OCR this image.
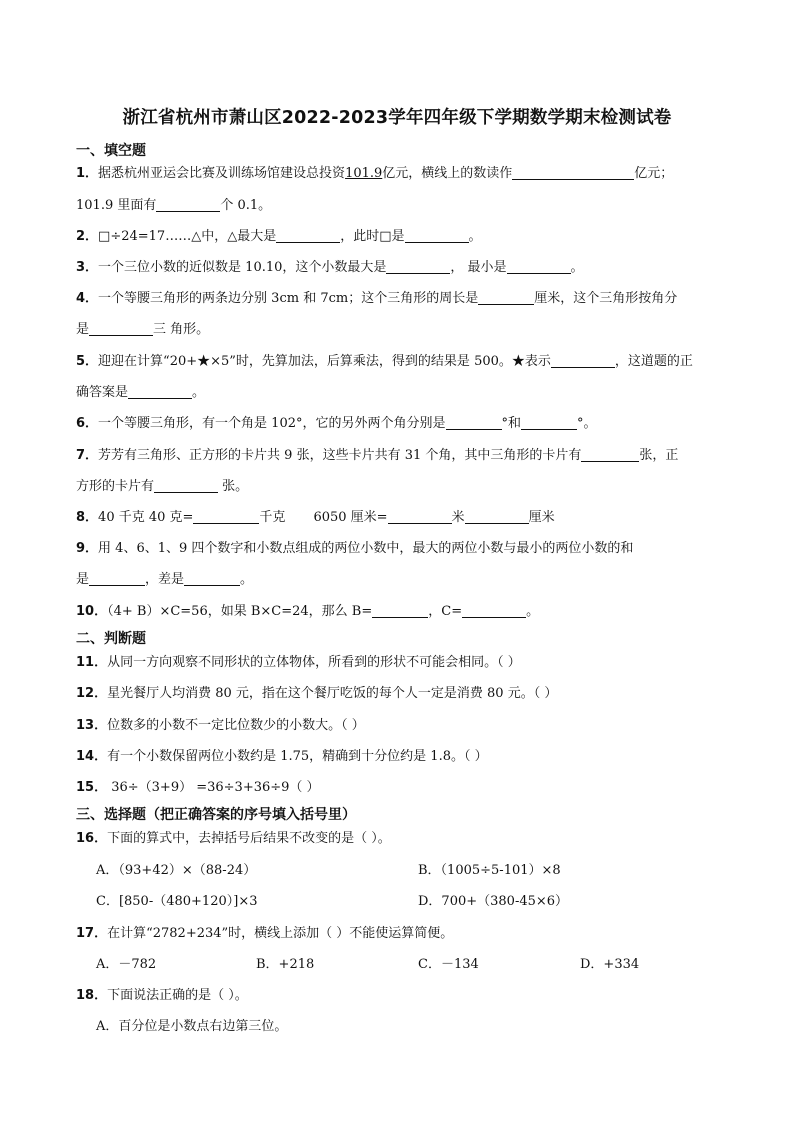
浙江省杭州市萧山区2022-2023学年四年级下学期数学期末检测试卷
一、填空题
1．据悉杭州亚运会比赛及训练场馆建设总投资101.9亿元，横线上的数读作	亿元；
101.9 里面有	个 0.1。
2．□÷24=17……△中，△最大是	，此时□是	。
3．一个三位小数的近似数是 10.10，这个小数最大是	， 最小是	。
4．一个等腰三角形的两条边分别 3cm 和 7cm；这个三角形的周长是	厘米，这个三角形按角分
是	三 角形。
5．迎迎在计算“20+★×5”时，先算加法，后算乘法，得到的结果是 500。★表示	，这道题的正
确答案是	。
6．一个等腰三角形，有一个角是 102°，它的另外两个角分别是	°和	°。
7．芳芳有三角形、正方形的卡片共 9 张，这些卡片共有 31 个角，其中三角形的卡片有	张，正
方形的卡片有	张。
8．40 千克 40 克=	千克 6050 厘米=	米	厘米
9．用 4、6、1、9 四个数字和小数点组成的两位小数中，最大的两位小数与最小的两位小数的和
是	，差是	。
10．（4+ B）×C=56，如果 B×C=24，那么 B=	，C=	。
二、判断题
11．从同一方向观察不同形状的立体物体，所看到的形状不可能会相同。（ ）
12．星光餐厅人均消费 80 元，指在这个餐厅吃饭的每个人一定是消费 80 元。（ ）
13．位数多的小数不一定比位数少的小数大。（ ）
14．有一个小数保留两位小数约是 1.75，精确到十分位约是 1.8。（ ）
15． 36÷（3+9） =36÷3+36÷9（ ）
三、选择题（把正确答案的序号填入括号里）
16．下面的算式中，去掉括号后结果不改变的是（ ）。
A．（93+42）×（88-24）	B．（1005÷5-101）×8
C．[850-（480+120）]×3	D．700+（380-45×6）
17．在计算“2782+234”时，横线上添加（ ）不能使运算简便。
A．－782	B．+218	C．－134	D．+334
18．下面说法正确的是（ ）。
A．百分位是小数点右边第三位。
